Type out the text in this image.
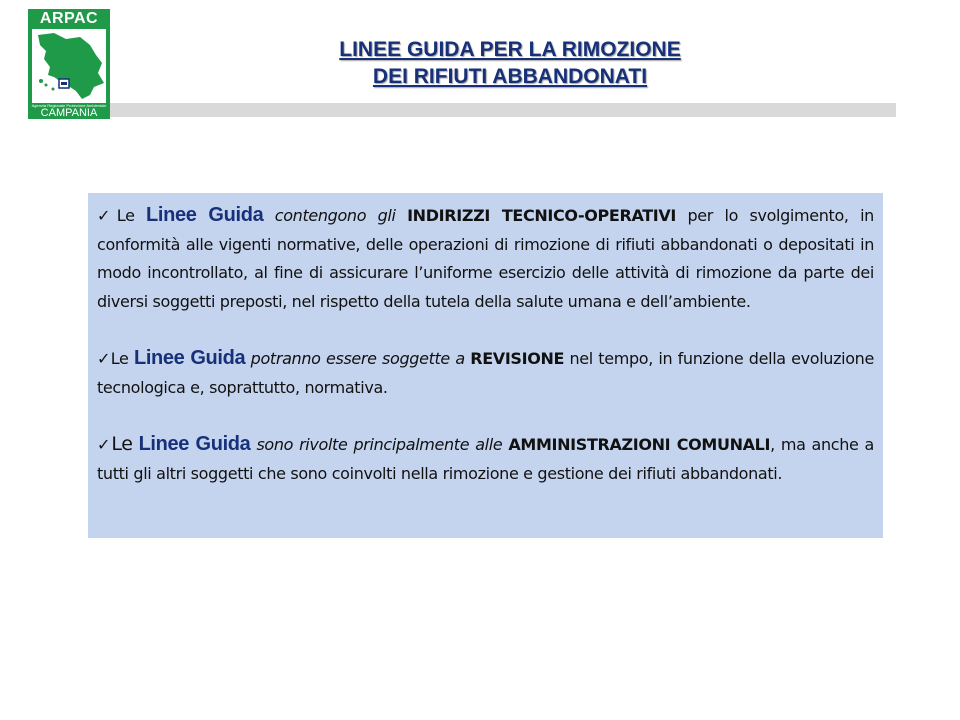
ARPAC
Agenzia Regionale Protezione Ambientale
CAMPANIA
LINEE GUIDA PER LA RIMOZIONE
DEI RIFIUTI ABBANDONATI

✓Le Linee Guida contengono gli INDIRIZZI TECNICO-OPERATIVI per lo svolgimento, in conformità alle vigenti normative, delle operazioni di rimozione di rifiuti abbandonati o depositati in modo incontrollato, al fine di assicurare l’uniforme esercizio delle attività di rimozione da parte dei diversi soggetti preposti, nel rispetto della tutela della salute umana e dell’ambiente.

✓Le Linee Guida potranno essere soggette a REVISIONE nel tempo, in funzione della evoluzione tecnologica e, soprattutto, normativa.

✓Le Linee Guida sono rivolte principalmente alle AMMINISTRAZIONI COMUNALI, ma anche a tutti gli altri soggetti che sono coinvolti nella rimozione e gestione dei rifiuti abbandonati.
